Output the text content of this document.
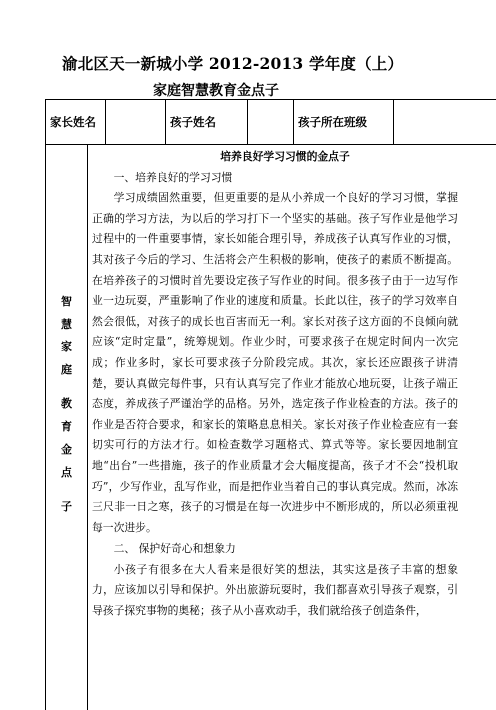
渝北区天一新城小学 2012-2013 学年度（上）
家庭智慧教育金点子
家长姓名	孩子姓名	孩子所在班级
智
慧
家
庭
教
育
金
点
子

培养良好学习习惯的金点子

一、培养良好的学习习惯

学习成绩固然重要，但更重要的是从小养成一个良好的学习习惯，掌握正确的学习方法，为以后的学习打下一个坚实的基础。孩子写作业是他学习过程中的一件重要事情，家长如能合理引导，养成孩子认真写作业的习惯，其对孩子今后的学习、生活将会产生积极的影响，使孩子的素质不断提高。在培养孩子的习惯时首先要设定孩子写作业的时间。很多孩子由于一边写作业一边玩耍，严重影响了作业的速度和质量。长此以往，孩子的学习效率自然会很低，对孩子的成长也百害而无一利。家长对孩子这方面的不良倾向就应该“定时定量”，统筹规划。作业少时，可要求孩子在规定时间内一次完成；作业多时，家长可要求孩子分阶段完成。其次，家长还应跟孩子讲清楚，要认真做完每件事，只有认真写完了作业才能放心地玩耍，让孩子端正态度，养成孩子严谨治学的品格。另外，选定孩子作业检查的方法。孩子的作业是否符合要求，和家长的策略息息相关。家长对孩子作业检查应有一套切实可行的方法才行。如检查数学习题格式、算式等等。家长要因地制宜地“出台”一些措施，孩子的作业质量才会大幅度提高，孩子才不会“投机取巧”，少写作业，乱写作业，而是把作业当着自己的事认真完成。然而，冰冻三尺非一日之寒，孩子的习惯是在每一次进步中不断形成的，所以必须重视每一次进步。

二、 保护好奇心和想象力

小孩子有很多在大人看来是很好笑的想法，其实这是孩子丰富的想象力，应该加以引导和保护。外出旅游玩耍时，我们都喜欢引导孩子观察，引导孩子探究事物的奥秘；孩子从小喜欢动手，我们就给孩子创造条件，
